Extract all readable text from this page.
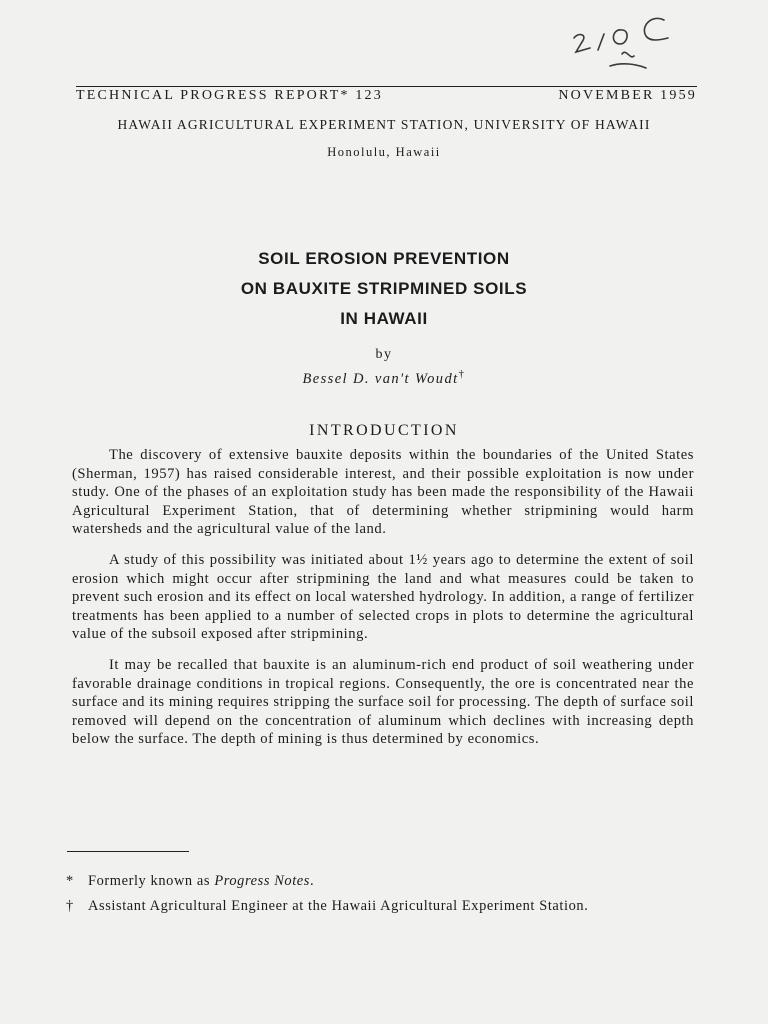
TECHNICAL PROGRESS REPORT* 123	NOVEMBER 1959
HAWAII AGRICULTURAL EXPERIMENT STATION, UNIVERSITY OF HAWAII
Honolulu, Hawaii
SOIL EROSION PREVENTION
ON BAUXITE STRIPMINED SOILS
IN HAWAII
by
Bessel D. van't Woudt†
INTRODUCTION

The discovery of extensive bauxite deposits within the boundaries of the United States (Sherman, 1957) has raised considerable interest, and their possible exploitation is now under study. One of the phases of an exploitation study has been made the responsibility of the Hawaii Agricultural Experiment Station, that of determining whether stripmining would harm watersheds and the agricultural value of the land.

A study of this possibility was initiated about 1½ years ago to determine the extent of soil erosion which might occur after stripmining the land and what measures could be taken to prevent such erosion and its effect on local watershed hydrology. In addition, a range of fertilizer treatments has been applied to a number of selected crops in plots to determine the agricultural value of the subsoil exposed after stripmining.

It may be recalled that bauxite is an aluminum-rich end product of soil weathering under favorable drainage conditions in tropical regions. Consequently, the ore is concentrated near the surface and its mining requires stripping the surface soil for processing. The depth of surface soil removed will depend on the concentration of aluminum which declines with increasing depth below the surface. The depth of mining is thus determined by economics.

* Formerly known as Progress Notes.
† Assistant Agricultural Engineer at the Hawaii Agricultural Experiment Station.
